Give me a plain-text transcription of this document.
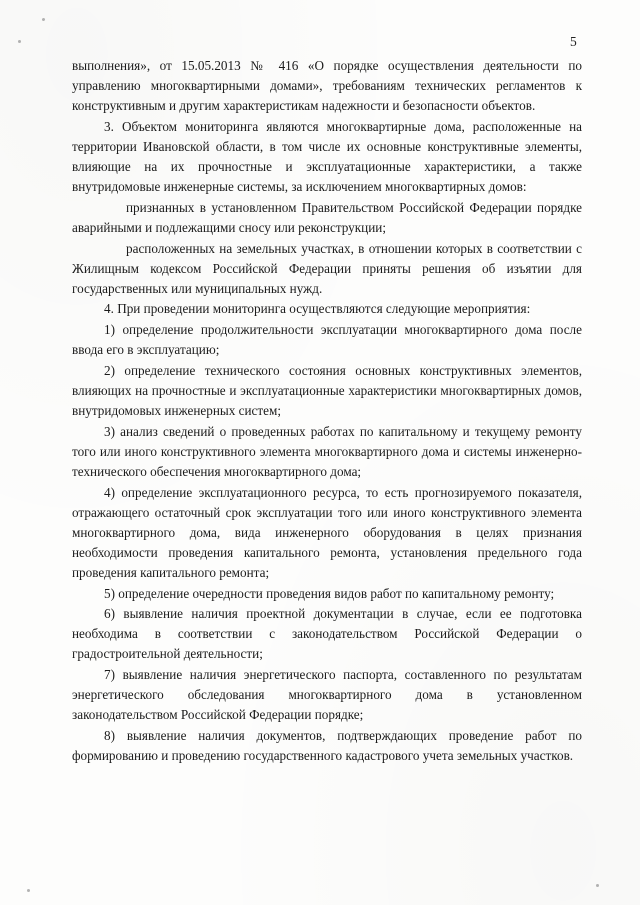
5

выполнения», от 15.05.2013 № 416 «О порядке осуществления деятельности по управлению многоквартирными домами», требованиям технических регламентов к конструктивным и другим характеристикам надежности и безопасности объектов.

3. Объектом мониторинга являются многоквартирные дома, расположенные на территории Ивановской области, в том числе их основные конструктивные элементы, влияющие на их прочностные и эксплуатационные характеристики, а также внутридомовые инженерные системы, за исключением многоквартирных домов:

признанных в установленном Правительством Российской Федерации порядке аварийными и подлежащими сносу или реконструкции;

расположенных на земельных участках, в отношении которых в соответствии с Жилищным кодексом Российской Федерации приняты решения об изъятии для государственных или муниципальных нужд.

4. При проведении мониторинга осуществляются следующие мероприятия:

1) определение продолжительности эксплуатации многоквартирного дома после ввода его в эксплуатацию;

2) определение технического состояния основных конструктивных элементов, влияющих на прочностные и эксплуатационные характеристики многоквартирных домов, внутридомовых инженерных систем;

3) анализ сведений о проведенных работах по капитальному и текущему ремонту того или иного конструктивного элемента многоквартирного дома и системы инженерно-технического обеспечения многоквартирного дома;

4) определение эксплуатационного ресурса, то есть прогнозируемого показателя, отражающего остаточный срок эксплуатации того или иного конструктивного элемента многоквартирного дома, вида инженерного оборудования в целях признания необходимости проведения капитального ремонта, установления предельного года проведения капитального ремонта;

5) определение очередности проведения видов работ по капитальному ремонту;

6) выявление наличия проектной документации в случае, если ее подготовка необходима в соответствии с законодательством Российской Федерации о градостроительной деятельности;

7) выявление наличия энергетического паспорта, составленного по результатам энергетического обследования многоквартирного дома в установленном законодательством Российской Федерации порядке;

8) выявление наличия документов, подтверждающих проведение работ по формированию и проведению государственного кадастрового учета земельных участков.
